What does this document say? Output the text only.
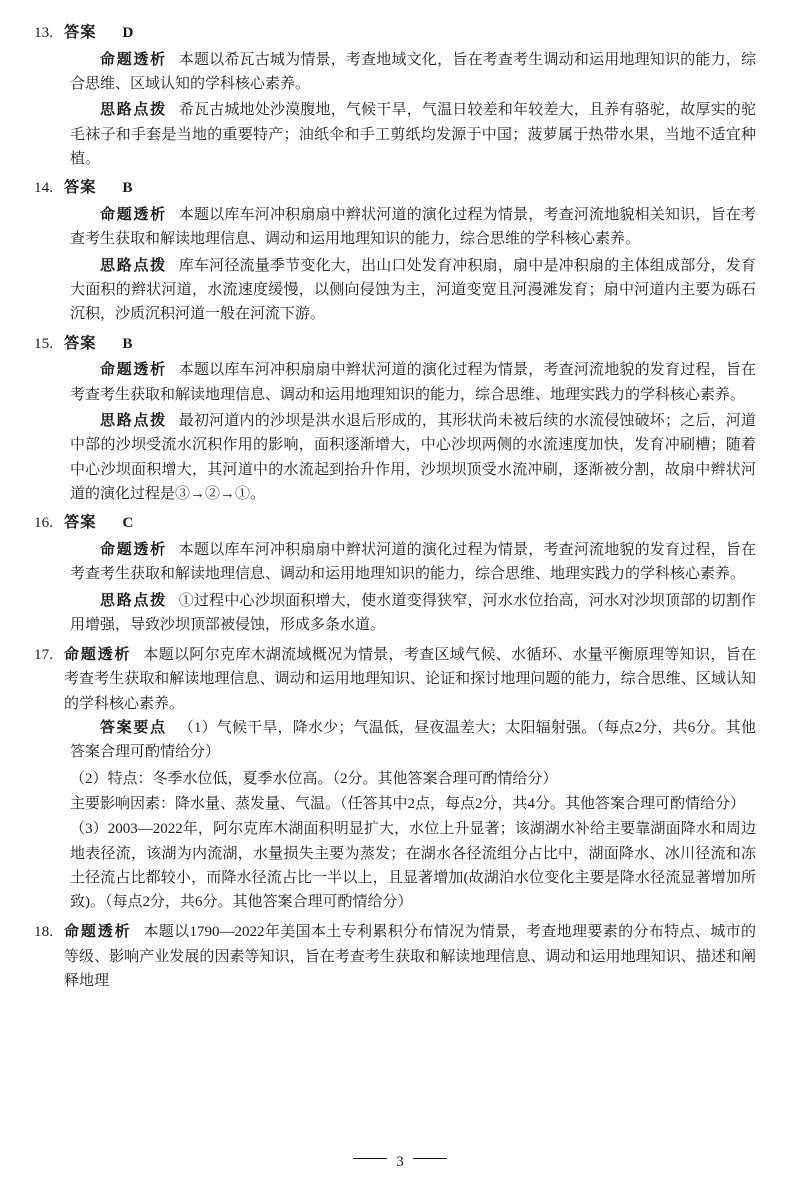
13. 答案 D

命题透析 本题以希瓦古城为情景，考查地域文化，旨在考查考生调动和运用地理知识的能力，综合思维、区域认知的学科核心素养。

思路点拨 希瓦古城地处沙漠腹地，气候干旱，气温日较差和年较差大，且养有骆驼，故厚实的驼毛袜子和手套是当地的重要特产；油纸伞和手工剪纸均发源于中国；菠萝属于热带水果，当地不适宜种植。

14. 答案 B

命题透析 本题以库车河冲积扇扇中辫状河道的演化过程为情景，考查河流地貌相关知识，旨在考查考生获取和解读地理信息、调动和运用地理知识的能力，综合思维的学科核心素养。

思路点拨 库车河径流量季节变化大，出山口处发育冲积扇，扇中是冲积扇的主体组成部分，发育大面积的辫状河道，水流速度缓慢，以侧向侵蚀为主，河道变宽且河漫滩发育；扇中河道内主要为砾石沉积，沙质沉积河道一般在河流下游。

15. 答案 B

命题透析 本题以库车河冲积扇扇中辫状河道的演化过程为情景，考查河流地貌的发育过程，旨在考查考生获取和解读地理信息、调动和运用地理知识的能力，综合思维、地理实践力的学科核心素养。

思路点拨 最初河道内的沙坝是洪水退后形成的，其形状尚未被后续的水流侵蚀破坏；之后，河道中部的沙坝受流水沉积作用的影响，面积逐渐增大，中心沙坝两侧的水流速度加快，发育冲刷槽；随着中心沙坝面积增大，其河道中的水流起到抬升作用，沙坝坝顶受水流冲刷，逐渐被分割，故扇中辫状河道的演化过程是③→②→①。

16. 答案 C

命题透析 本题以库车河冲积扇扇中辫状河道的演化过程为情景，考查河流地貌的发育过程，旨在考查考生获取和解读地理信息、调动和运用地理知识的能力，综合思维、地理实践力的学科核心素养。

思路点拨 ①过程中心沙坝面积增大，使水道变得狭窄，河水水位抬高，河水对沙坝顶部的切割作用增强，导致沙坝顶部被侵蚀，形成多条水道。

17. 命题透析 本题以阿尔克库木湖流域概况为情景，考查区域气候、水循环、水量平衡原理等知识，旨在考查考生获取和解读地理信息、调动和运用地理知识、论证和探讨地理问题的能力，综合思维、区域认知的学科核心素养。

答案要点 （1）气候干旱，降水少；气温低，昼夜温差大；太阳辐射强。（每点2分，共6分。其他答案合理可酌情给分）

（2）特点：冬季水位低，夏季水位高。（2分。其他答案合理可酌情给分）

主要影响因素：降水量、蒸发量、气温。（任答其中2点，每点2分，共4分。其他答案合理可酌情给分）

（3）2003—2022年，阿尔克库木湖面积明显扩大，水位上升显著；该湖湖水补给主要靠湖面降水和周边地表径流，该湖为内流湖，水量损失主要为蒸发；在湖水各径流组分占比中，湖面降水、冰川径流和冻土径流占比都较小，而降水径流占比一半以上，且显著增加(故湖泊水位变化主要是降水径流显著增加所致)。（每点2分，共6分。其他答案合理可酌情给分）

18. 命题透析 本题以1790—2022年美国本土专利累积分布情况为情景，考查地理要素的分布特点、城市的等级、影响产业发展的因素等知识，旨在考查考生获取和解读地理信息、调动和运用地理知识、描述和阐释地理
3
